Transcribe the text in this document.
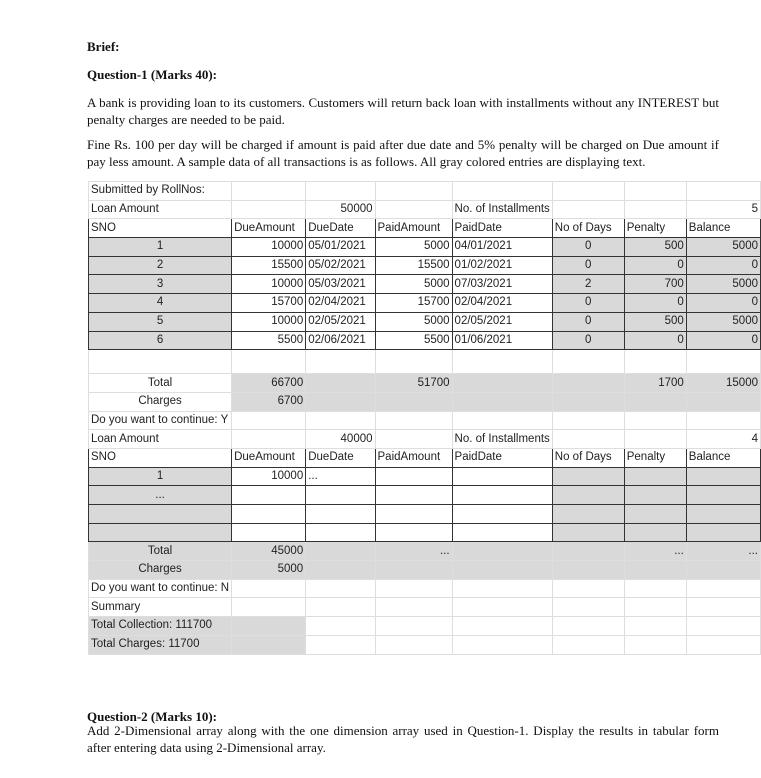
Brief:
Question-1 (Marks 40):
A bank is providing loan to its customers. Customers will return back loan with installments without any INTEREST but penalty charges are needed to be paid.
Fine Rs. 100 per day will be charged if amount is paid after due date and 5% penalty will be charged on Due amount if pay less amount. A sample data of all transactions is as follows. All gray colored entries are displaying text.
Submitted by RollNos:							
Loan Amount		50000		No. of Installments			5
SNO	DueAmount	DueDate	PaidAmount	PaidDate	No of Days	Penalty	Balance
1	10000	05/01/2021	5000	04/01/2021	0	500	5000
2	15500	05/02/2021	15500	01/02/2021	0	0	0
3	10000	05/03/2021	5000	07/03/2021	2	700	5000
4	15700	02/04/2021	15700	02/04/2021	0	0	0
5	10000	02/05/2021	5000	02/05/2021	0	500	5000
6	5500	02/06/2021	5500	01/06/2021	0	0	0

Total	66700		51700			1700	15000
Charges	6700						
Do you want to continue: Y							
Loan Amount		40000		No. of Installments			4
SNO	DueAmount	DueDate	PaidAmount	PaidDate	No of Days	Penalty	Balance
1	10000	...					
...							

Total	45000		...			...	...
Charges	5000						
Do you want to continue: N							
Summary							
Total Collection: 111700							
Total Charges: 11700							
Question-2 (Marks 10):
Add 2-Dimensional array along with the one dimension array used in Question-1. Display the results in tabular form after entering data using 2-Dimensional array.
